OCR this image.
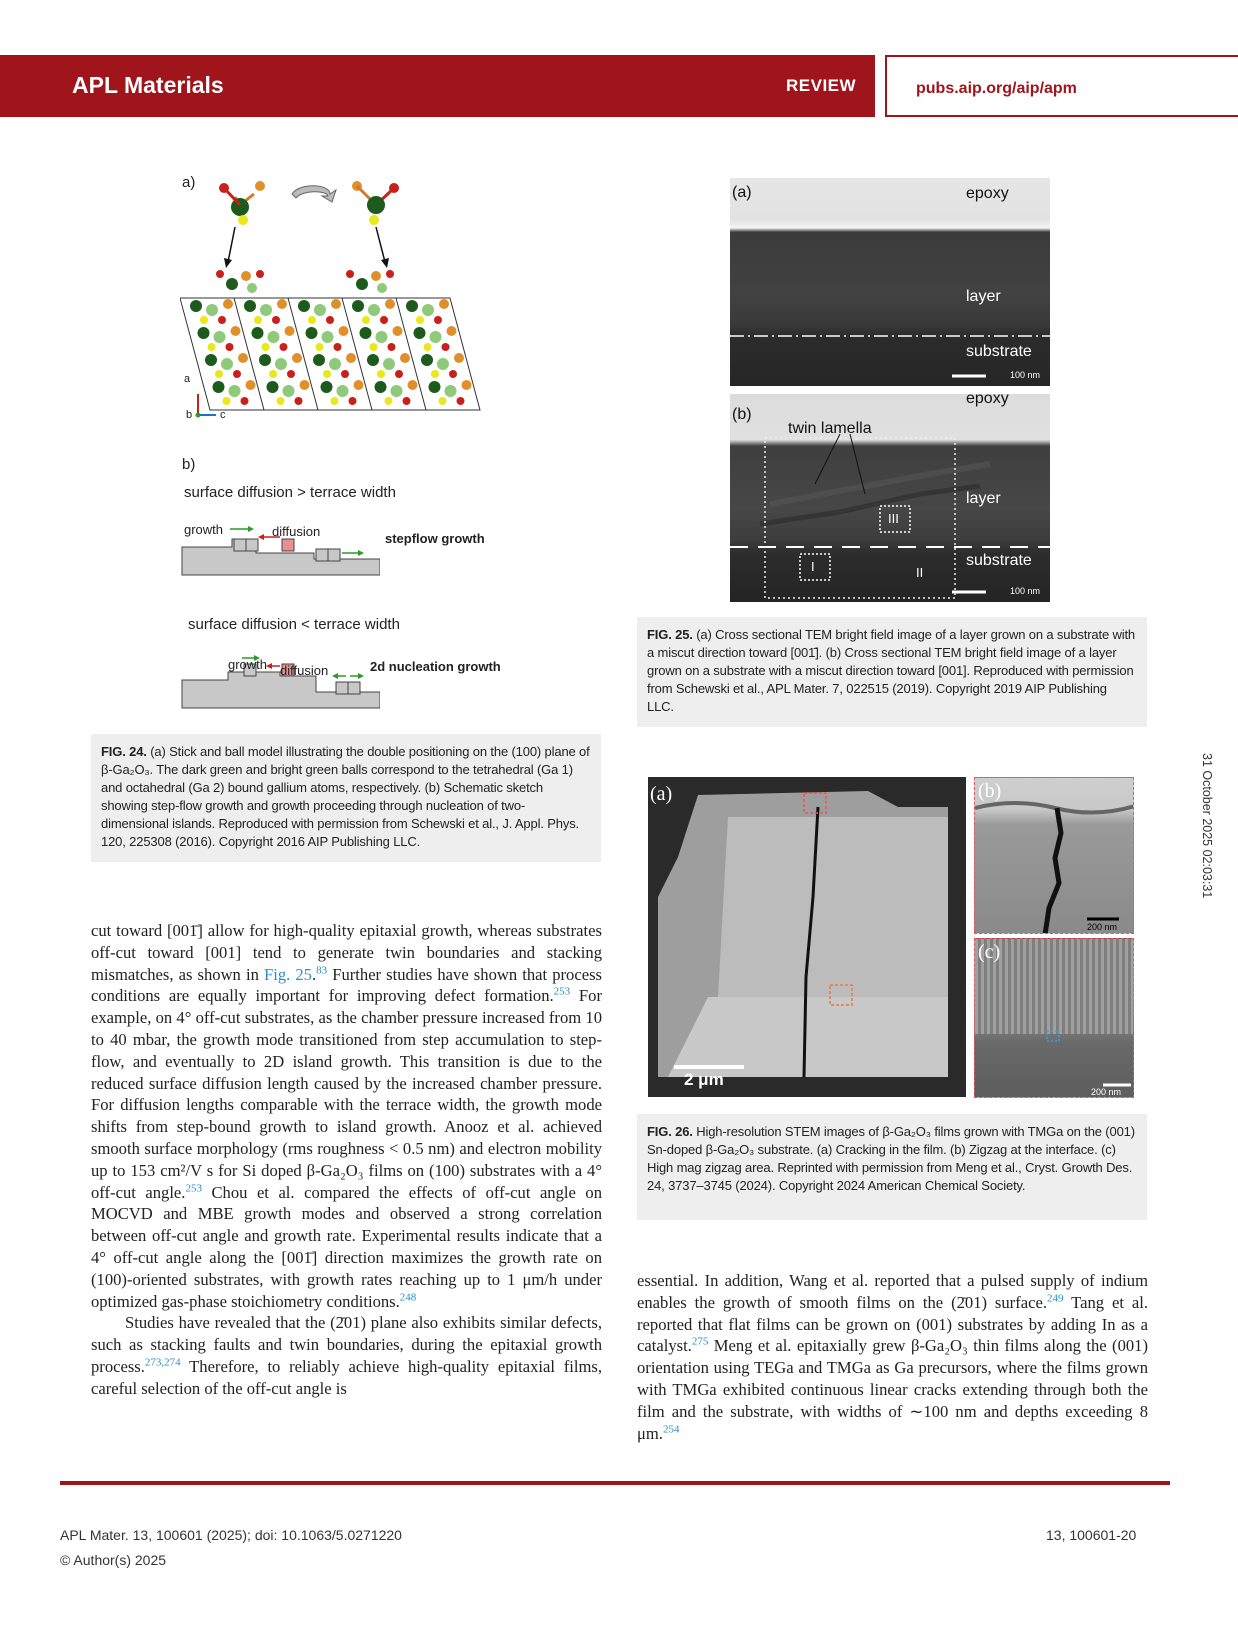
APL Materials	REVIEW	pubs.aip.org/aip/apm
31 October 2025 02:03:31
a)
a
b	c
b)
surface diffusion > terrace width
growth	diffusion	stepflow growth
surface diffusion < terrace width
growth diffusion	2d nucleation growth
FIG. 24. (a) Stick and ball model illustrating the double positioning on the (100) plane of β-Ga₂O₃. The dark green and bright green balls correspond to the tetrahedral (Ga 1) and octahedral (Ga 2) bound gallium atoms, respectively. (b) Schematic sketch showing step-flow growth and growth proceeding through nucleation of two-dimensional islands. Reproduced with permission from Schewski et al., J. Appl. Phys. 120, 225308 (2016). Copyright 2016 AIP Publishing LLC.
(a)	epoxy
layer
substrate
100 nm
(b)
epoxy
twin lamella
layer
substrate
I	II
III
100 nm
FIG. 25. (a) Cross sectional TEM bright field image of a layer grown on a substrate with a miscut direction toward [001̄]. (b) Cross sectional TEM bright field image of a layer grown on a substrate with a miscut direction toward [001]. Reproduced with permission from Schewski et al., APL Mater. 7, 022515 (2019). Copyright 2019 AIP Publishing LLC.
(a)
2 μm
(b)
200 nm
(c)
200 nm
FIG. 26. High-resolution STEM images of β-Ga₂O₃ films grown with TMGa on the (001) Sn-doped β-Ga₂O₃ substrate. (a) Cracking in the film. (b) Zigzag at the interface. (c) High mag zigzag area. Reprinted with permission from Meng et al., Cryst. Growth Des. 24, 3737–3745 (2024). Copyright 2024 American Chemical Society.

cut toward [001̄] allow for high-quality epitaxial growth, whereas substrates off-cut toward [001] tend to generate twin boundaries and stacking mismatches, as shown in Fig. 25.83 Further studies have shown that process conditions are equally important for improving defect formation.$^{253}$ For example, on 4° off-cut substrates, as the chamber pressure increased from 10 to 40 mbar, the growth mode transitioned from step accumulation to step-flow, and eventually to 2D island growth. This transition is due to the reduced surface diffusion length caused by the increased chamber pressure. For diffusion lengths comparable with the terrace width, the growth mode shifts from step-bound growth to island growth. Anooz et al. achieved smooth surface morphology (rms roughness < 0.5 nm) and electron mobility up to 153 cm²/V s for Si doped β-Ga₂O₃ films on (100) substrates with a 4° off-cut angle.$^{253}$ Chou et al. compared the effects of off-cut angle on MOCVD and MBE growth modes and observed a strong correlation between off-cut angle and growth rate. Experimental results indicate that a 4° off-cut angle along the [001̄] direction maximizes the growth rate on (100)-oriented substrates, with growth rates reaching up to 1 μm/h under optimized gas-phase stoichiometry conditions.$^{248}$

Studies have revealed that the (2̄01) plane also exhibits similar defects, such as stacking faults and twin boundaries, during the epitaxial growth process.$^{273,274}$ Therefore, to reliably achieve high-quality epitaxial films, careful selection of the off-cut angle is

essential. In addition, Wang et al. reported that a pulsed supply of indium enables the growth of smooth films on the (2̄01) surface.$^{249}$ Tang et al. reported that flat films can be grown on (001) substrates by adding In as a catalyst.$^{275}$ Meng et al. epitaxially grew β-Ga₂O₃ thin films along the (001) orientation using TEGa and TMGa as Ga precursors, where the films grown with TMGa exhibited continuous linear cracks extending through both the film and the substrate, with widths of ∼100 nm and depths exceeding 8 μm.$^{254}$

APL Mater. 13, 100601 (2025); doi: 10.1063/5.0271220
© Author(s) 2025
13, 100601-20
